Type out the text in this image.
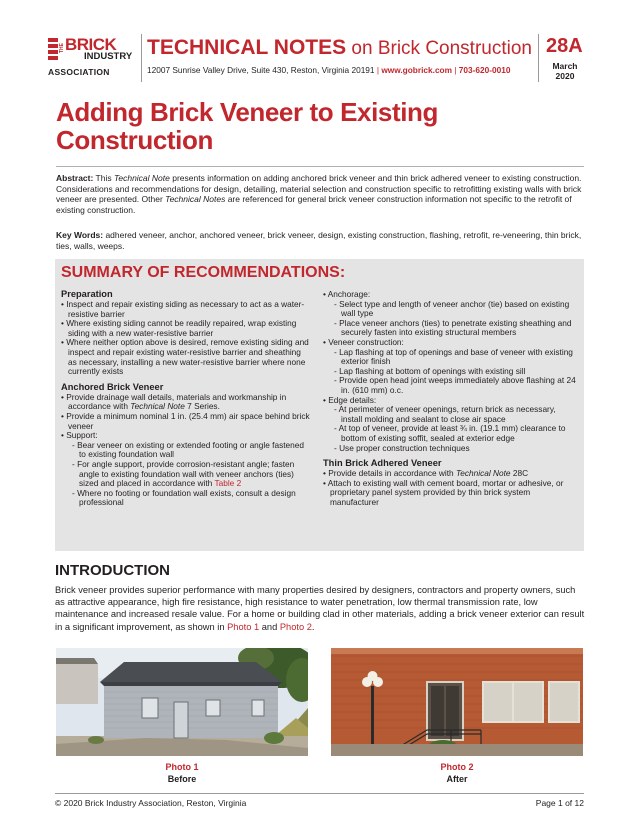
THE BRICK
INDUSTRY
ASSOCIATION
TECHNICAL NOTES on Brick Construction
12007 Sunrise Valley Drive, Suite 430, Reston, Virginia 20191 | www.gobrick.com | 703-620-0010
28A
March
2020
Adding Brick Veneer to Existing Construction
Abstract: This Technical Note presents information on adding anchored brick veneer and thin brick adhered veneer to existing construction. Considerations and recommendations for design, detailing, material selection and construction specific to retrofitting existing walls with brick veneer are presented. Other Technical Notes are referenced for general brick veneer construction information not specific to the retrofit of existing construction.
Key Words: adhered veneer, anchor, anchored veneer, brick veneer, design, existing construction, flashing, retrofit, re-veneering, thin brick, ties, walls, weeps.
SUMMARY OF RECOMMENDATIONS:
Preparation
• Inspect and repair existing siding as necessary to act as a water-resistive barrier
• Where existing siding cannot be readily repaired, wrap existing siding with a new water-resistive barrier
• Where neither option above is desired, remove existing siding and inspect and repair existing water-resistive barrier and sheathing as necessary, installing a new water-resistive barrier where none currently exists
Anchored Brick Veneer
• Provide drainage wall details, materials and workmanship in accordance with Technical Note 7 Series.
• Provide a minimum nominal 1 in. (25.4 mm) air space behind brick veneer
• Support:
- Bear veneer on existing or extended footing or angle fastened to existing foundation wall
- For angle support, provide corrosion-resistant angle; fasten angle to existing foundation wall with veneer anchors (ties) sized and placed in accordance with Table 2
- Where no footing or foundation wall exists, consult a design professional
• Anchorage:
- Select type and length of veneer anchor (tie) based on existing wall type
- Place veneer anchors (ties) to penetrate existing sheathing and securely fasten into existing structural members
• Veneer construction:
- Lap flashing at top of openings and base of veneer with existing exterior finish
- Lap flashing at bottom of openings with existing sill
- Provide open head joint weeps immediately above flashing at 24 in. (610 mm) o.c.
• Edge details:
- At perimeter of veneer openings, return brick as necessary, install molding and sealant to close air space
- At top of veneer, provide at least ¾ in. (19.1 mm) clearance to bottom of existing soffit, sealed at exterior edge
- Use proper construction techniques
Thin Brick Adhered Veneer
• Provide details in accordance with Technical Note 28C
• Attach to existing wall with cement board, mortar or adhesive, or proprietary panel system provided by thin brick system manufacturer
INTRODUCTION
Brick veneer provides superior performance with many properties desired by designers, contractors and property owners, such as attractive appearance, high fire resistance, high resistance to water penetration, low thermal transmission rate, low maintenance and increased resale value. For a home or building clad in other materials, adding a brick veneer exterior can result in a significant improvement, as shown in Photo 1 and Photo 2.
Photo 1
Before
Photo 2
After
© 2020 Brick Industry Association, Reston, Virginia	Page 1 of 12
